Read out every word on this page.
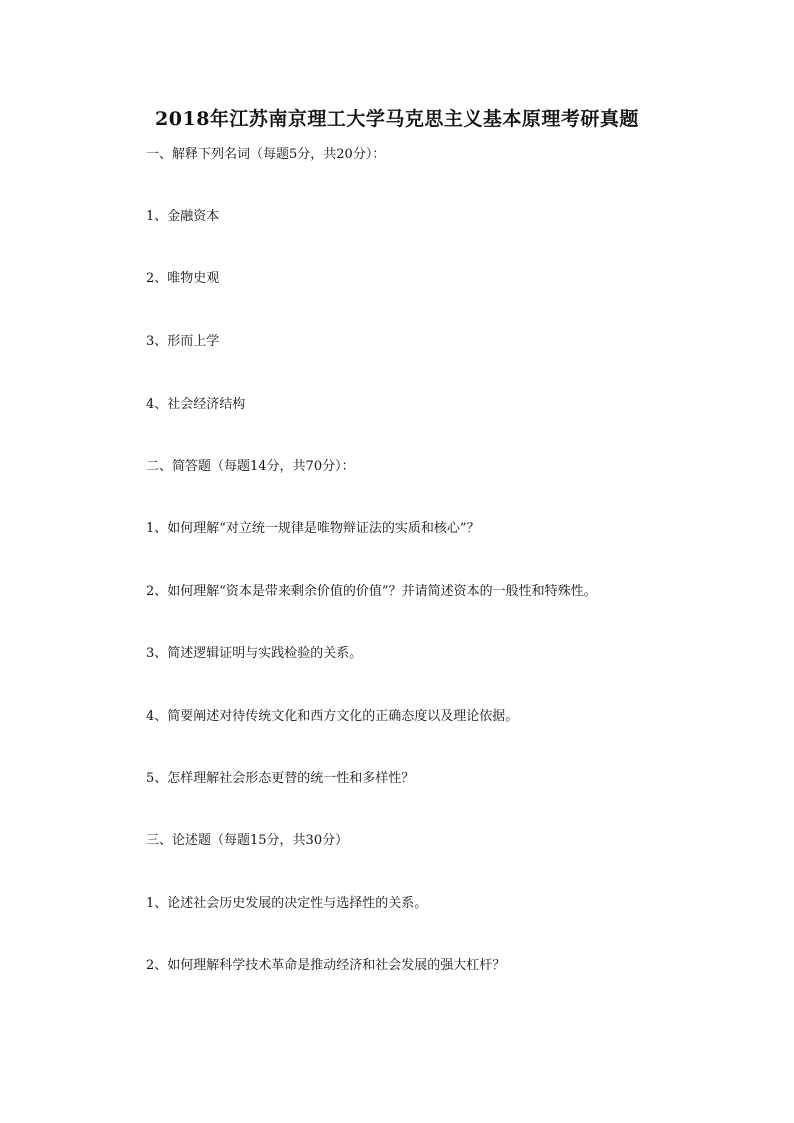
2018年江苏南京理工大学马克思主义基本原理考研真题
一、解释下列名词（每题5分，共20分）：
1、金融资本
2、唯物史观
3、形而上学
4、社会经济结构
二、简答题（每题14分，共70分）：
1、如何理解“对立统一规律是唯物辩证法的实质和核心”？
2、如何理解“资本是带来剩余价值的价值”？并请简述资本的一般性和特殊性。
3、简述逻辑证明与实践检验的关系。
4、简要阐述对待传统文化和西方文化的正确态度以及理论依据。
5、怎样理解社会形态更替的统一性和多样性？
三、论述题（每题15分，共30分）
1、论述社会历史发展的决定性与选择性的关系。
2、如何理解科学技术革命是推动经济和社会发展的强大杠杆？
